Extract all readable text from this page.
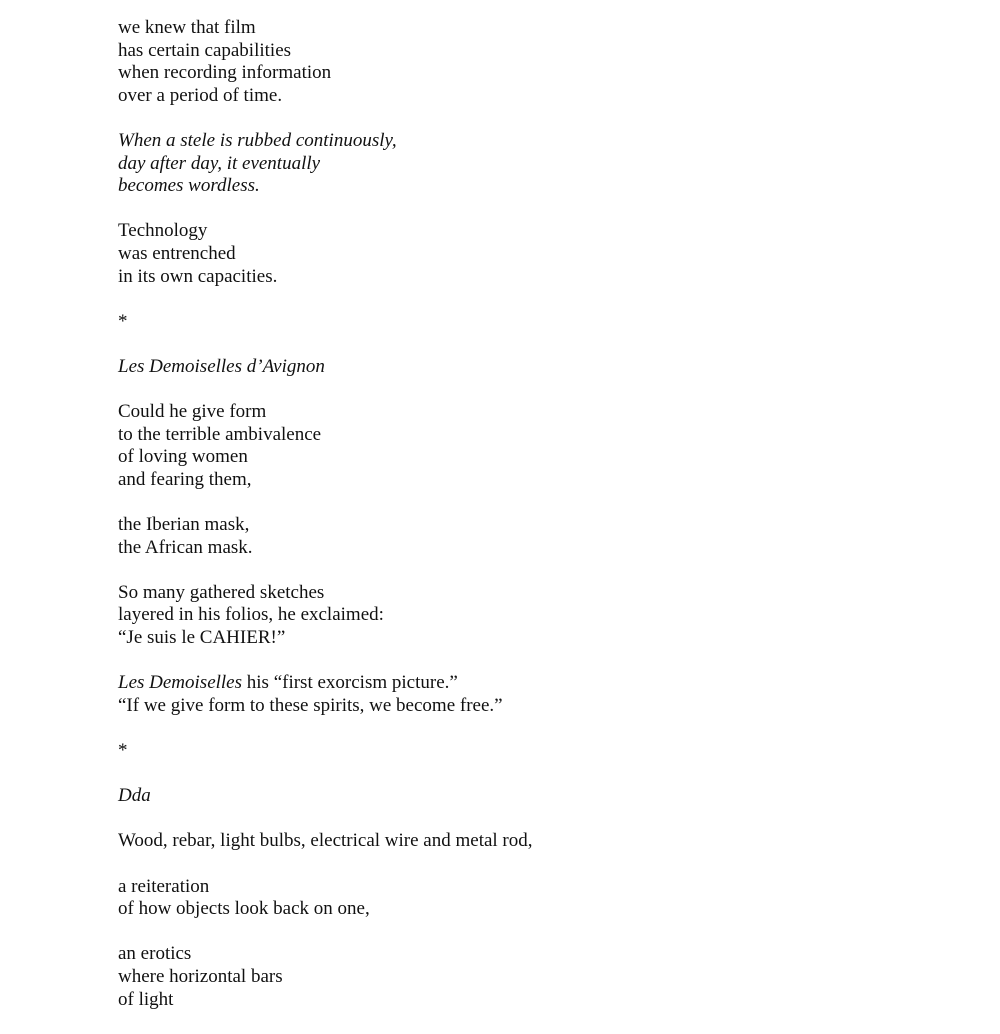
we knew that film
has certain capabilities
when recording information
over a period of time.
When a stele is rubbed continuously,
day after day, it eventually
becomes wordless.
Technology
was entrenched
in its own capacities.
*
Les Demoiselles d’Avignon
Could he give form
to the terrible ambivalence
of loving women
and fearing them,
the Iberian mask,
the African mask.
So many gathered sketches
layered in his folios, he exclaimed:
“Je suis le CAHIER!”
Les Demoiselles his “first exorcism picture.”
“If we give form to these spirits, we become free.”
*
Dda
Wood, rebar, light bulbs, electrical wire and metal rod,
a reiteration
of how objects look back on one,
an erotics
where horizontal bars
of light
